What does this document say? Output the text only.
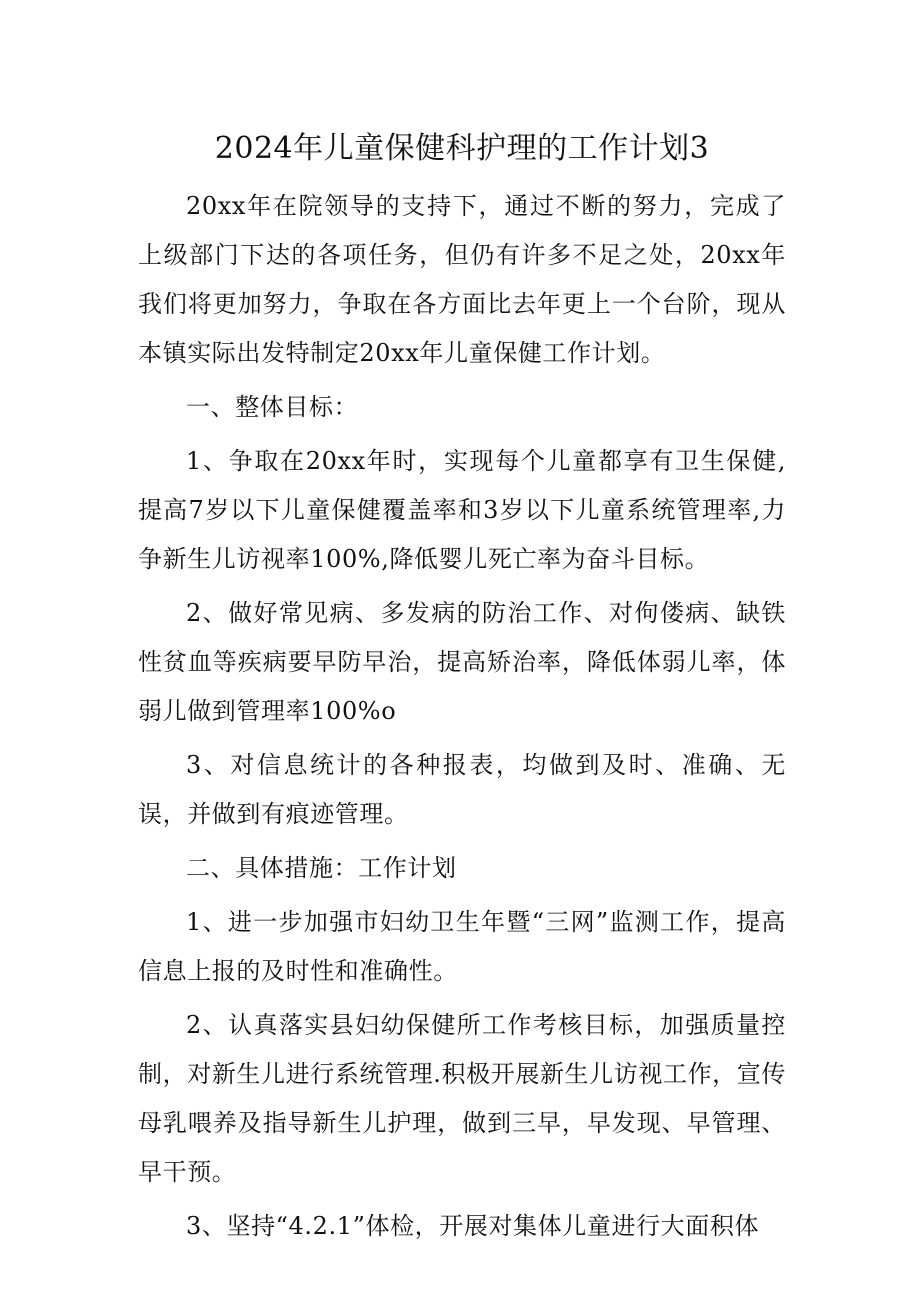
2024年儿童保健科护理的工作计划3

20xx年在院领导的支持下，通过不断的努力，完成了上级部门下达的各项任务，但仍有许多不足之处，20xx年我们将更加努力，争取在各方面比去年更上一个台阶，现从本镇实际出发特制定20xx年儿童保健工作计划。

一、整体目标：

1、争取在20xx年时，实现每个儿童都享有卫生保健,提高7岁以下儿童保健覆盖率和3岁以下儿童系统管理率,力争新生儿访视率100%,降低婴儿死亡率为奋斗目标。

2、做好常见病、多发病的防治工作、对佝偻病、缺铁性贫血等疾病要早防早治，提高矫治率，降低体弱儿率，体弱儿做到管理率100%o

3、对信息统计的各种报表，均做到及时、准确、无误，并做到有痕迹管理。

二、具体措施：工作计划

1、进一步加强市妇幼卫生年暨“三网”监测工作，提高信息上报的及时性和准确性。

2、认真落实县妇幼保健所工作考核目标，加强质量控制，对新生儿进行系统管理.积极开展新生儿访视工作，宣传母乳喂养及指导新生儿护理，做到三早，早发现、早管理、早干预。

3、坚持“4.2.1”体检，开展对集体儿童进行大面积体
